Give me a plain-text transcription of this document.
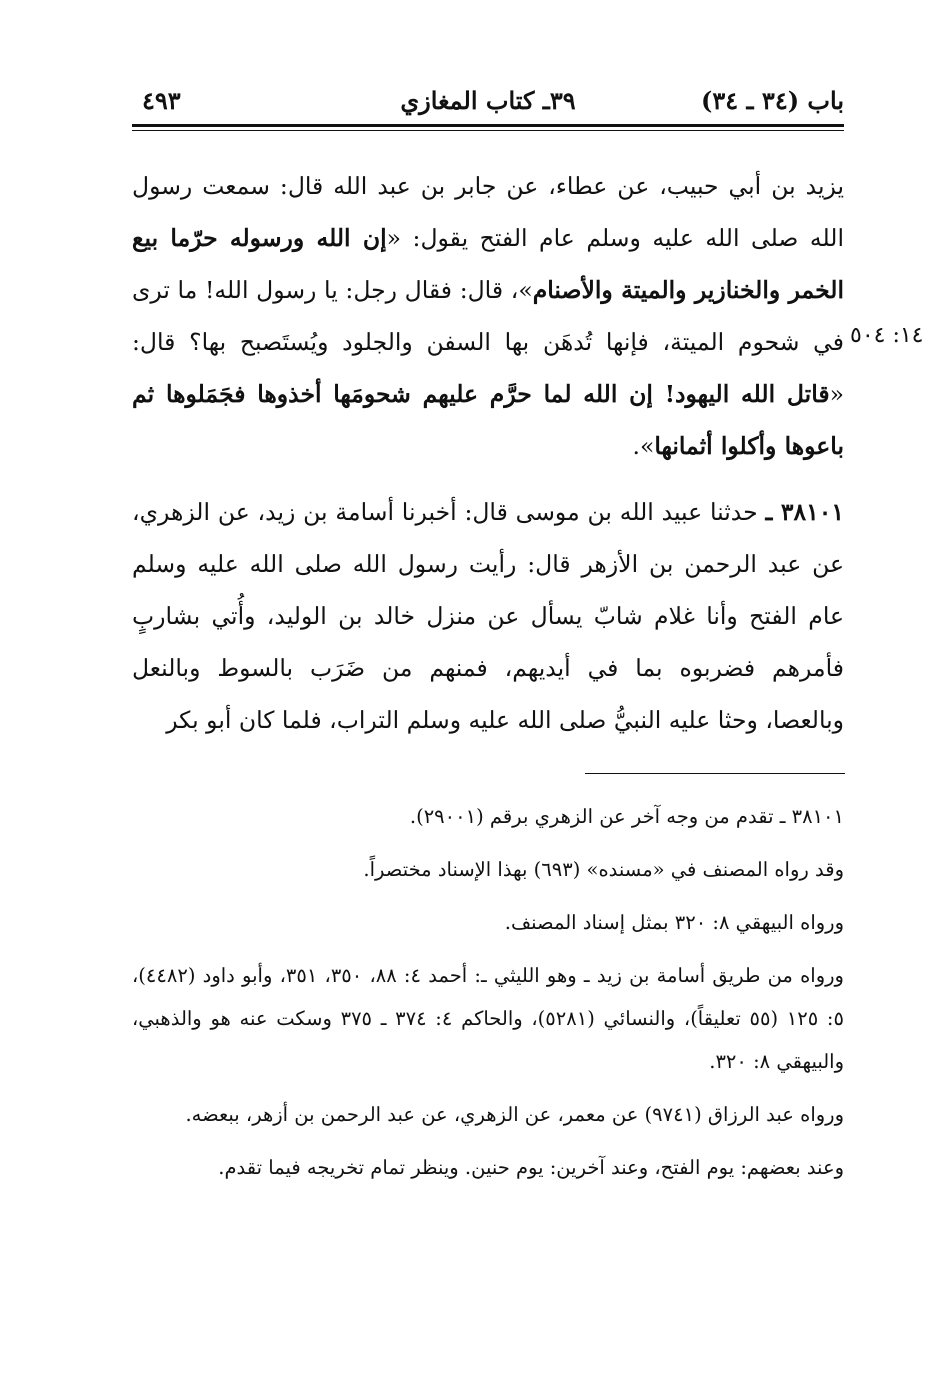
باب (٣٤ ـ ٣٤)
٣٩ـ كتاب المغازي
٤٩٣
١٤: ٥٠٤

يزيد بن أبي حبيب، عن عطاء، عن جابر بن عبد الله قال: سمعت رسول الله صلى الله عليه وسلم عام الفتح يقول: «إن الله ورسوله حرّما بيع الخمر والخنازير والميتة والأصنام»، قال: فقال رجل: يا رسول الله! ما ترى في شحوم الميتة، فإنها تُدهَن بها السفن والجلود ويُستَصبح بها؟ قال: «قاتل الله اليهود! إن الله لما حرَّم عليهم شحومَها أخذوها فجَمَلوها ثم باعوها وأكلوا أثمانها».

٣٨١٠١ ـ حدثنا عبيد الله بن موسى قال: أخبرنا أسامة بن زيد، عن الزهري، عن عبد الرحمن بن الأزهر قال: رأيت رسول الله صلى الله عليه وسلم عام الفتح وأنا غلام شابّ يسأل عن منزل خالد بن الوليد، وأُتي بشاربٍ فأمرهم فضربوه بما في أيديهم، فمنهم من ضَرَب بالسوط وبالنعل وبالعصا، وحثا عليه النبيُّ صلى الله عليه وسلم التراب، فلما كان أبو بكر

٣٨١٠١ ـ تقدم من وجه آخر عن الزهري برقم (٢٩٠٠١).

وقد رواه المصنف في «مسنده» (٦٩٣) بهذا الإسناد مختصراً.

ورواه البيهقي ٨: ٣٢٠ بمثل إسناد المصنف.

ورواه من طريق أسامة بن زيد ـ وهو الليثي ـ: أحمد ٤: ٨٨، ٣٥٠، ٣٥١، وأبو داود (٤٤٨٢)، ٥: ١٢٥ (٥٥ تعليقاً)، والنسائي (٥٢٨١)، والحاكم ٤: ٣٧٤ ـ ٣٧٥ وسكت عنه هو والذهبي، والبيهقي ٨: ٣٢٠.

ورواه عبد الرزاق (٩٧٤١) عن معمر، عن الزهري، عن عبد الرحمن بن أزهر، ببعضه.

وعند بعضهم: يوم الفتح، وعند آخرين: يوم حنين. وينظر تمام تخريجه فيما تقدم.
